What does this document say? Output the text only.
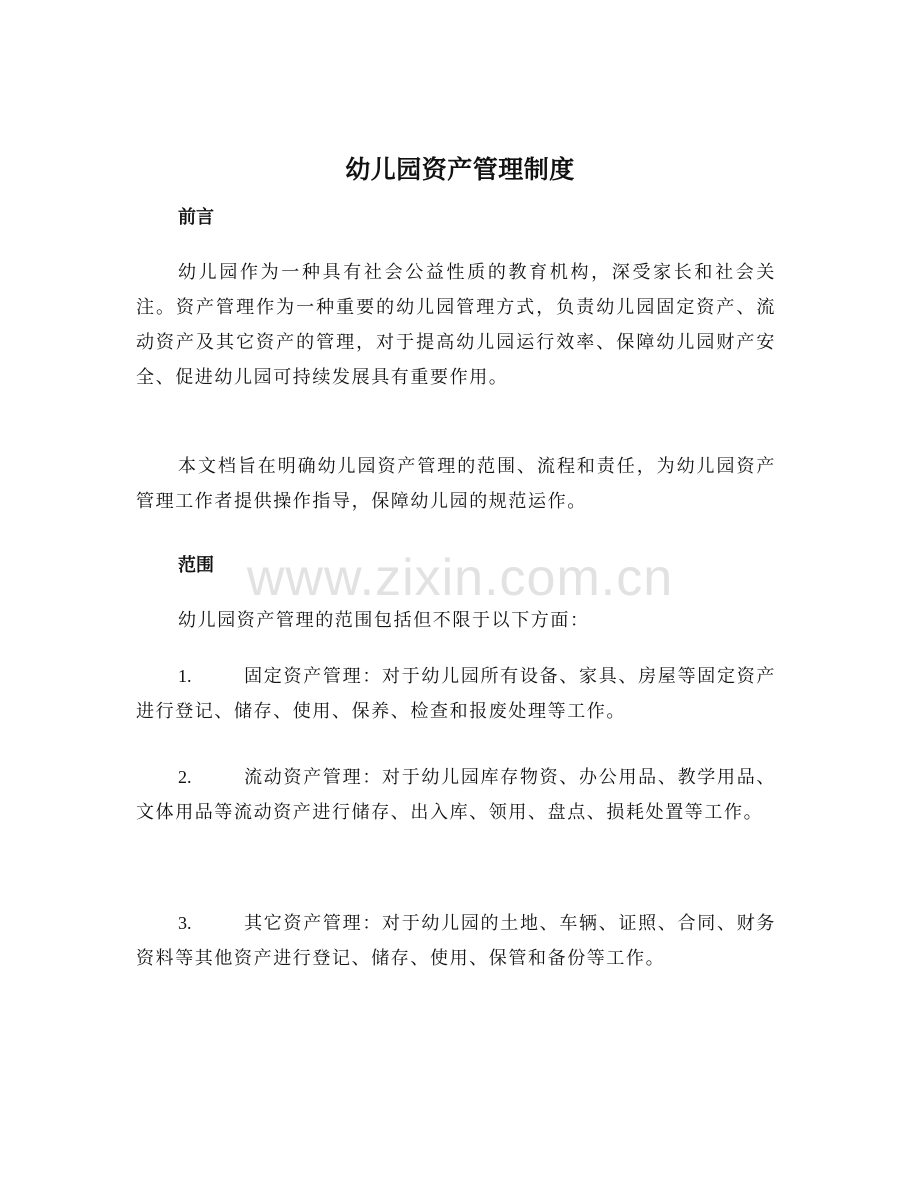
幼儿园资产管理制度
前言

幼儿园作为一种具有社会公益性质的教育机构，深受家长和社会关注。资产管理作为一种重要的幼儿园管理方式，负责幼儿园固定资产、流动资产及其它资产的管理，对于提高幼儿园运行效率、保障幼儿园财产安全、促进幼儿园可持续发展具有重要作用。

本文档旨在明确幼儿园资产管理的范围、流程和责任，为幼儿园资产管理工作者提供操作指导，保障幼儿园的规范运作。

范围

幼儿园资产管理的范围包括但不限于以下方面：

1.	固定资产管理：对于幼儿园所有设备、家具、房屋等固定资产进行登记、储存、使用、保养、检查和报废处理等工作。

2.	流动资产管理：对于幼儿园库存物资、办公用品、教学用品、文体用品等流动资产进行储存、出入库、领用、盘点、损耗处置等工作。

3.	其它资产管理：对于幼儿园的土地、车辆、证照、合同、财务资料等其他资产进行登记、储存、使用、保管和备份等工作。

www.zixin.com.cn
